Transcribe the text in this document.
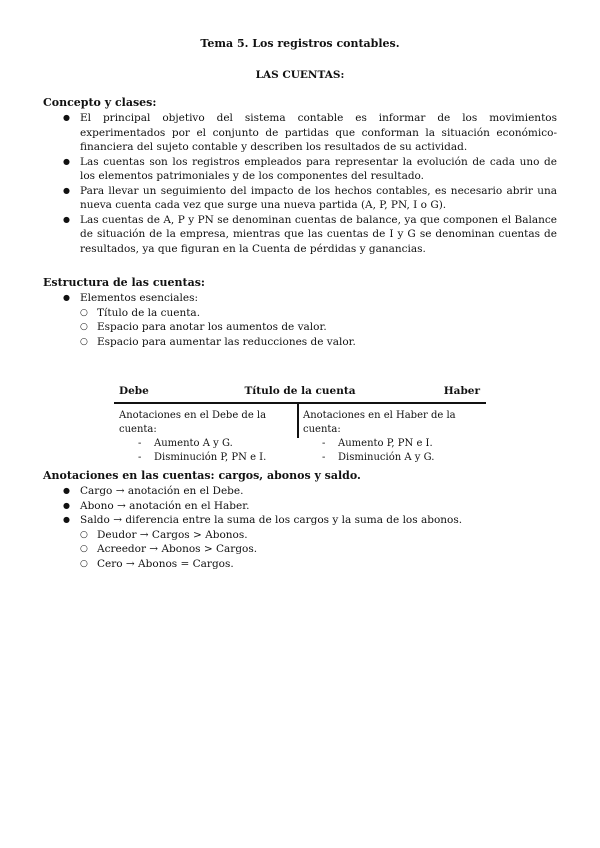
Tema 5. Los registros contables.
LAS CUENTAS:
Concepto y clases:
● El principal objetivo del sistema contable es informar de los movimientos experimentados por el conjunto de partidas que conforman la situación económico-financiera del sujeto contable y describen los resultados de su actividad.
● Las cuentas son los registros empleados para representar la evolución de cada uno de los elementos patrimoniales y de los componentes del resultado.
● Para llevar un seguimiento del impacto de los hechos contables, es necesario abrir una nueva cuenta cada vez que surge una nueva partida (A, P, PN, I o G).
● Las cuentas de A, P y PN se denominan cuentas de balance, ya que componen el Balance de situación de la empresa, mientras que las cuentas de I y G se denominan cuentas de resultados, ya que figuran en la Cuenta de pérdidas y ganancias.
Estructura de las cuentas:
● Elementos esenciales:
○ Título de la cuenta.
○ Espacio para anotar los aumentos de valor.
○ Espacio para aumentar las reducciones de valor.
Debe	Título de la cuenta	Haber
Anotaciones en el Debe de la cuenta:
- Aumento A y G.
- Disminución P, PN e I.
Anotaciones en el Haber de la cuenta:
- Aumento P, PN e I.
- Disminución A y G.
Anotaciones en las cuentas: cargos, abonos y saldo.
● Cargo → anotación en el Debe.
● Abono → anotación en el Haber.
● Saldo → diferencia entre la suma de los cargos y la suma de los abonos.
○ Deudor → Cargos > Abonos.
○ Acreedor → Abonos > Cargos.
○ Cero → Abonos = Cargos.
